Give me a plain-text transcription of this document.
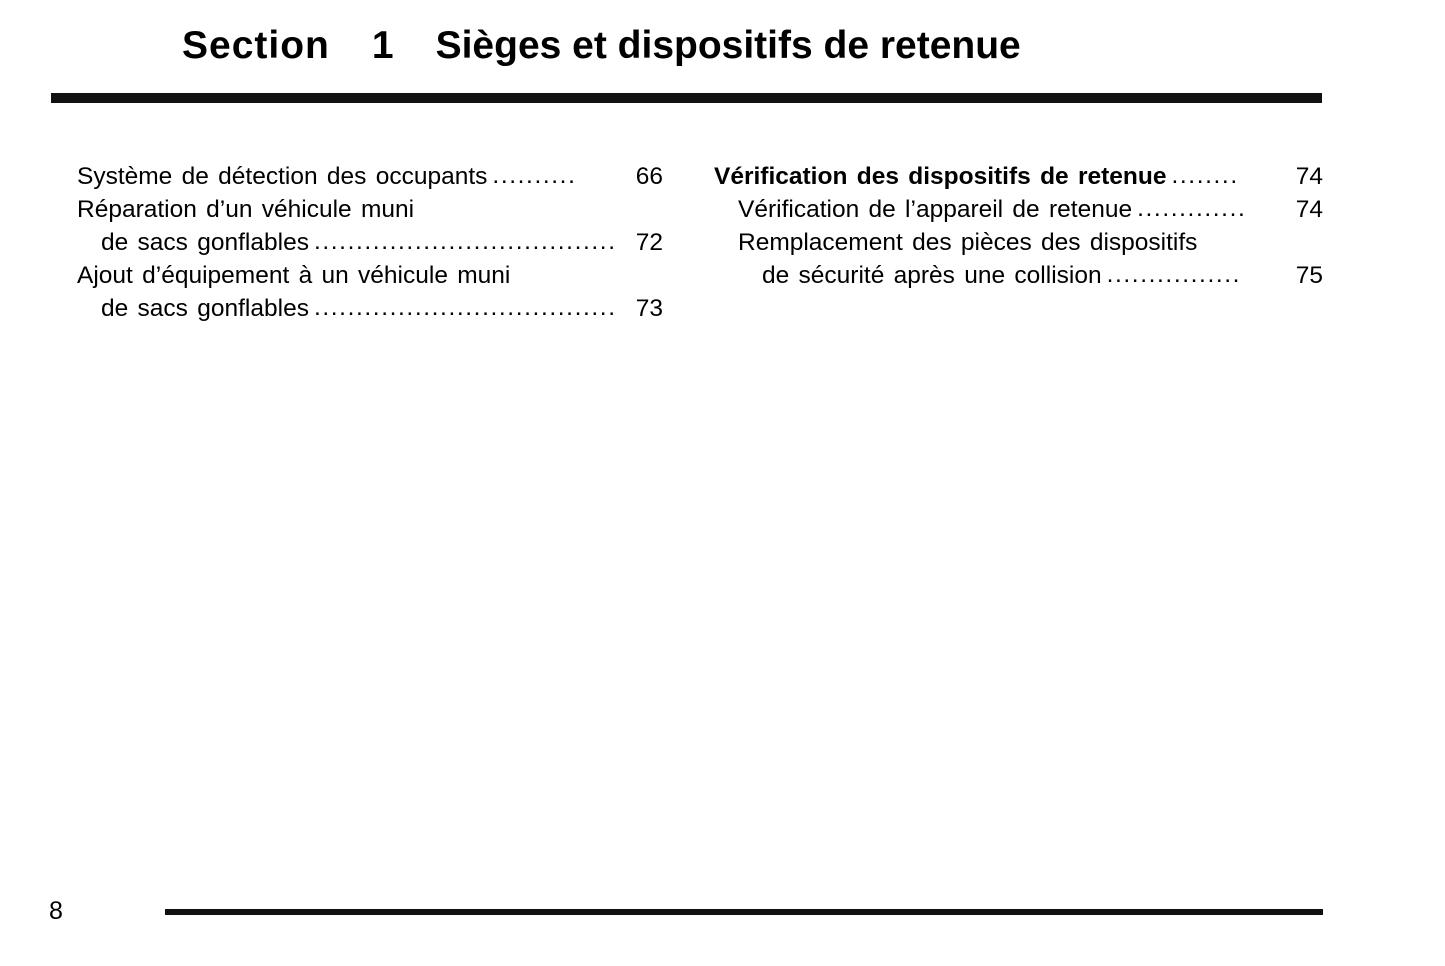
Section 1 Sièges et dispositifs de retenue
Système de détection des occupants ..........	66
Réparation d’un véhicule muni
de sacs gonflables .................................... 72
Ajout d’équipement à un véhicule muni
de sacs gonflables .................................... 73
Vérification des dispositifs de retenue ........	74
Vérification de l’appareil de retenue .............	74
Remplacement des pièces des dispositifs
de sécurité après une collision ................	75
8
